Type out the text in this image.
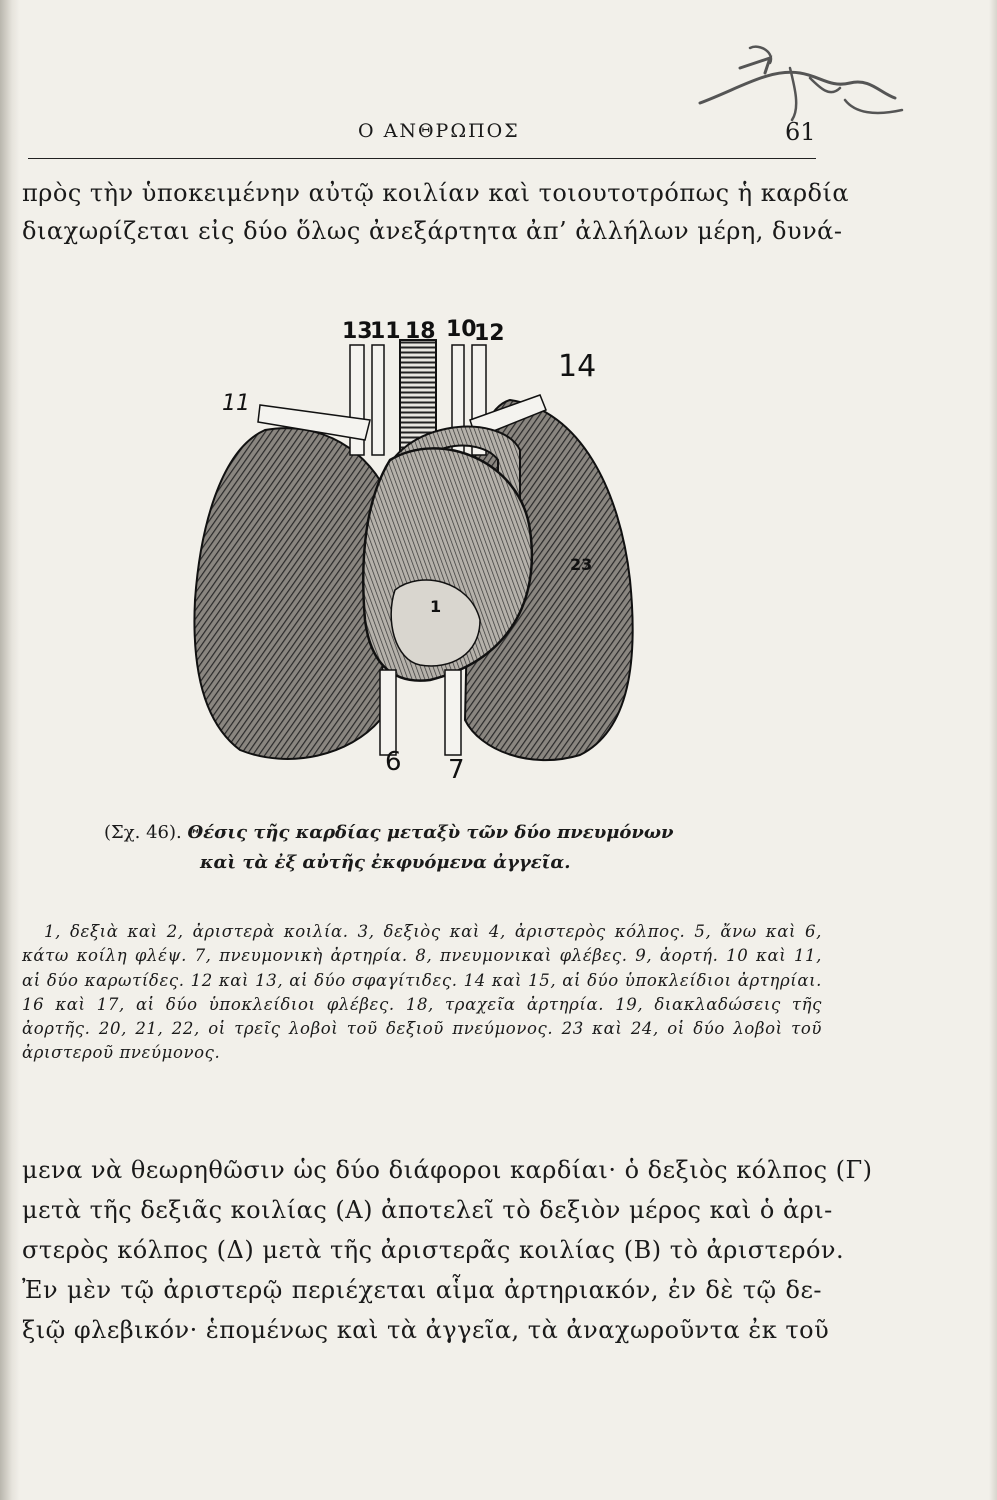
Ο ΑΝΘΡΩΠΟΣ	61
πρὸς τὴν ὑποκειμένην αὐτῷ κοιλίαν καὶ τοιουτοτρόπως ἡ καρδία
διαχωρίζεται εἰς δύο ὅλως ἀνεξάρτητα ἀπ’ ἀλλήλων μέρη, δυνά-
13
11 18 10
12
14
11
1
23
6 7
(Σχ. 46). Θέσις τῆς καρδίας μεταξὺ τῶν δύο πνευμόνων
καὶ τὰ ἐξ αὐτῆς ἐκφυόμενα ἀγγεῖα.
1, δεξιὰ καὶ 2, ἀριστερὰ κοιλία. 3, δεξιὸς καὶ 4, ἀριστερὸς κόλπος. 5, ἄνω καὶ 6, κάτω κοίλη φλέψ. 7, πνευμονικὴ ἀρτηρία. 8, πνευμονικαὶ φλέβες. 9, ἀορτή. 10 καὶ 11, αἱ δύο καρωτίδες. 12 καὶ 13, αἱ δύο σφαγίτιδες. 14 καὶ 15, αἱ δύο ὑποκλείδιοι ἀρτηρίαι. 16 καὶ 17, αἱ δύο ὑποκλείδιοι φλέβες. 18, τραχεῖα ἀρτηρία. 19, διακλαδώσεις τῆς ἀορτῆς. 20, 21, 22, οἱ τρεῖς λοβοὶ τοῦ δεξιοῦ πνεύμονος. 23 καὶ 24, οἱ δύο λοβοὶ τοῦ ἀριστεροῦ πνεύμονος.
μενα νὰ θεωρηθῶσιν ὡς δύο διάφοροι καρδίαι· ὁ δεξιὸς κόλπος (Γ)
μετὰ τῆς δεξιᾶς κοιλίας (Α) ἀποτελεῖ τὸ δεξιὸν μέρος καὶ ὁ ἀρι-
στερὸς κόλπος (Δ) μετὰ τῆς ἀριστερᾶς κοιλίας (Β) τὸ ἀριστερόν.
Ἐν μὲν τῷ ἀριστερῷ περιέχεται αἷμα ἀρτηριακόν, ἐν δὲ τῷ δε-
ξιῷ φλεβικόν· ἑπομένως καὶ τὰ ἀγγεῖα, τὰ ἀναχωροῦντα ἐκ τοῦ
